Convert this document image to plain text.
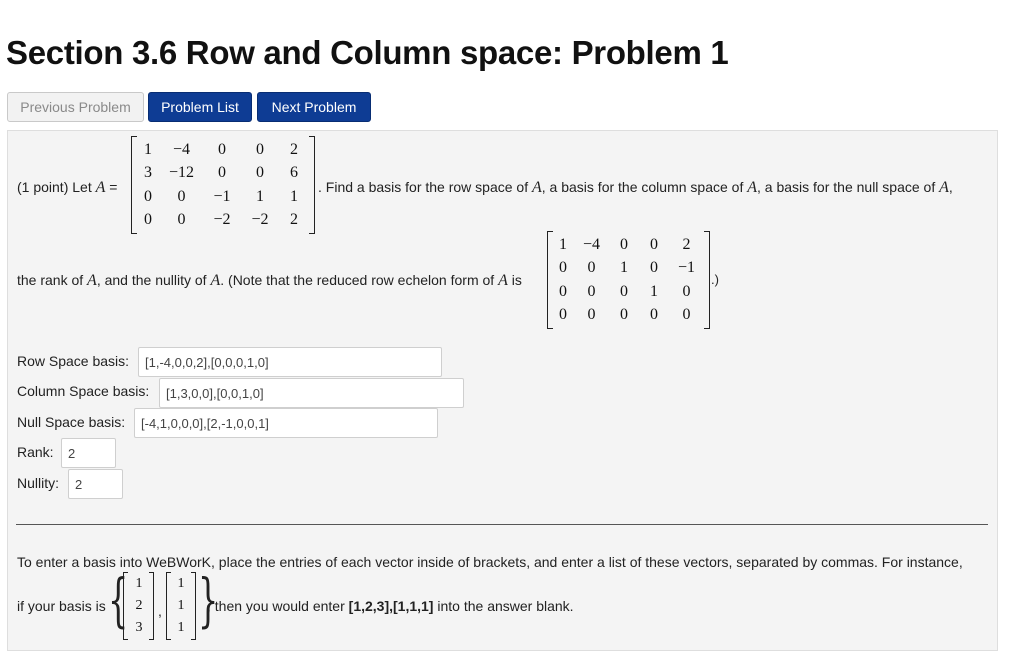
Section 3.6 Row and Column space: Problem 1
Previous Problem	Problem List	Next Problem
(1 point) Let A =
1 −4 0 0 2
3 −12 0 0 6
0 0 −1 1 1
0 0 −2 −2 2
. Find a basis for the row space of A, a basis for the column space of A, a basis for the null space of A,
the rank of A, and the nullity of A. (Note that the reduced row echelon form of A is
1 −4 0 0 2
0 0 1 0 −1
0 0 0 1 0
0 0 0 0 0
.)
Row Space basis:
[1,-4,0,0,2],[0,0,0,1,0]
Column Space basis:
[1,3,0,0],[0,0,1,0]
Null Space basis:
[-4,1,0,0,0],[2,-1,0,0,1]
Rank:
2
Nullity:
2
To enter a basis into WeBWorK, place the entries of each vector inside of brackets, and enter a list of these vectors, separated by commas. For instance,
if your basis is { 1
2
3
,
1
1
1 }
, then you would enter [1,2,3],[1,1,1] into the answer blank.
